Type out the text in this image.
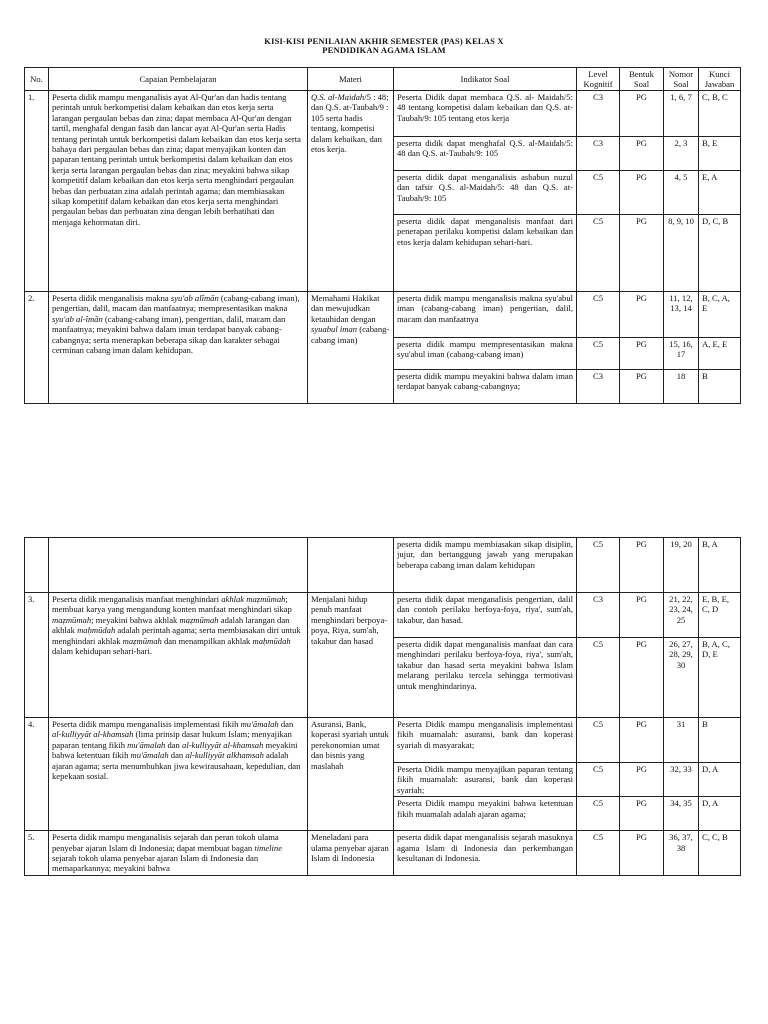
KISI-KISI PENILAIAN AKHIR SEMESTER (PAS) KELAS X
PENDIDIKAN AGAMA ISLAM
No.	Capaian Pembelajaran	Materi	Indikator Soal	Level Kognitif	Bentuk Soal	Nomor Soal	Kunci Jawaban
1.	Peserta didik mampu menganalisis ayat Al-Qur'an dan hadis tentang perintah untuk berkompetisi dalam kebaikan dan etos kerja serta larangan pergaulan bebas dan zina; dapat membaca Al-Qur'an dengan tartil, menghafal dengan fasih dan lancar ayat Al-Qur'an serta Hadis tentang perintah untuk berkompetisi dalam kebaikan dan etos kerja serta bahaya dari pergaulan bebas dan zina; dapat menyajikan konten dan paparan tentang perintah untuk berkompetisi dalam kebaikan dan etos kerja serta larangan pergaulan bebas dan zina; meyakini bahwa sikap kompetitif dalam kebaikan dan etos kerja serta menghindari pergaulan bebas dan perbuatan zina adalah perintah agama; dan membiasakan sikap kompetitif dalam kebaikan dan etos kerja serta menghindari pergaulan bebas dan perbuatan zina dengan lebih berhatihati dan menjaga kehormatan diri.	Q.S. al-Maidah/5 : 48; dan Q.S. at-Taubah/9 : 105 serta hadis tentang, kompetisi dalam kebaikan, dan etos kerja.	Peserta Didik dapat membaca Q.S. al- Maidah/5: 48 tentang kompetisi dalam kebaikan dan Q.S. at-Taubah/9: 105 tentang etos kerja	C3	PG	1, 6, 7	C, B, C
			peserta didik dapat menghafal Q.S. al-Maidah/5: 48 dan Q.S. at-Taubah/9: 105	C3	PG	2, 3	B, E
			peserta didik dapat menganalisis asbabun nuzul dan tafsir Q.S. al-Maidah/5: 48 dan Q.S. at-Taubah/9: 105	C5	PG	4, 5	E, A
			peserta didik dapat menganalisis manfaat dari penerapan perilaku kompetisi dalam kebaikan dan etos kerja dalam kehidupan sehari-hari.	C5	PG	8, 9, 10	D, C, B
2.	Peserta didik menganalisis makna syu'ab alîmān (cabang-cabang iman), pengertian, dalil, macam dan manfaatnya; mempresentasikan makna syu'ab al-îmān (cabang-cabang iman), pengertian, dalil, macam dan manfaatnya; meyakini bahwa dalam iman terdapat banyak cabang-cabangnya; serta menerapkan beberapa sikap dan karakter sebagai cerminan cabang iman dalam kehidupan.	Memahami Hakikat dan mewujudkan ketauhidan dengan syuabul iman (cabang-cabang iman)	peserta didik mampu menganalisis makna syu'abul iman (cabang-cabang iman) pengertian, dalil, macam dan manfaatnya	C5	PG	11, 12, 13, 14	B, C, A, E
			peserta didik mampu mempresentasikan makna syu'abul iman (cabang-cabang iman)	C5	PG	15, 16, 17	A, E, E
			peserta didik mampu meyakini bahwa dalam iman terdapat banyak cabang-cabangnya;	C3	PG	18	B
			peserta didik mampu membiasakan sikap disiplin, jujur, dan bertanggung jawab yang merupakan beberapa cabang iman dalam kehidupan	C5	PG	19, 20	B, A
3.	Peserta didik menganalisis manfaat menghindari akhlak maẓmūmah; membuat karya yang mengandung konten manfaat menghindari sikap maẓmūmah; meyakini bahwa akhlak maẓmūmah adalah larangan dan akhlak maḥmūdah adalah perintah agama; serta membiasakan diri untuk menghindari akhlak maẓmūmah dan menampilkan akhlak maḥmūdah dalam kehidupan sehari-hari.	Menjalani hidup penuh manfaat menghindari berpoya-poya, Riya, sum'ah, takabur dan hasad	peserta didik dapat menganalisis pengertian, dalil dan contoh perilaku berfoya-foya, riya', sum'ah, takabur, dan hasad.	C3	PG	21, 22, 23, 24, 25	E, B, E, C, D
			peserta didik dapat menganalisis manfaat dan cara menghindari perilaku berfoya-foya, riya', sum'ah, takabur dan hasad serta meyakini bahwa Islam melarang perilaku tercela sehingga termotivasi untuk menghindarinya.	C5	PG	26, 27, 28, 29, 30	B, A, C, D, E
4.	Peserta didik mampu menganalisis implementasi fikih mu'āmalah dan al-kulliyyāt al-khamsah (lima prinsip dasar hukum Islam; menyajikan paparan tentang fikih mu'āmalah dan al-kulliyyāt al-khamsah meyakini bahwa ketentuan fikih mu'āmalah dan al-kulliyyāt alkhamsah adalah ajaran agama; serta menumbuhkan jiwa kewirausahaan, kepedulian, dan kepekaan sosial.	Asuransi, Bank, koperasi syariah untuk perekonomian umat dan bisnis yang maslahah	Peserta Didik mampu menganalisis implementasi fikih muamalah: asuransi, bank dan koperasi syariah di masyarakat;	C5	PG	31	B
			Peserta Didik mampu menyajikan paparan tentang fikih muamalah: asuransi, bank dan koperasi syariah;	C5	PG	32, 33	D, A
			Peserta Didik mampu meyakini bahwa ketentuan fikih muamalah adalah ajaran agama;	C5	PG	34, 35	D, A
5.	Peserta didik mampu menganalisis sejarah dan peran tokoh ulama penyebar ajaran Islam di Indonesia; dapat membuat bagan timeline sejarah tokoh ulama penyebar ajaran Islam di Indonesia dan memaparkannya; meyakini bahwa	Meneladani para ulama penyebar ajaran Islam di Indonesia	peserta didik dapat menganalisis sejarah masuknya agama Islam di Indonesia dan perkembangan kesultanan di Indonesia.	C5	PG	36, 37, 38	C, C, B
